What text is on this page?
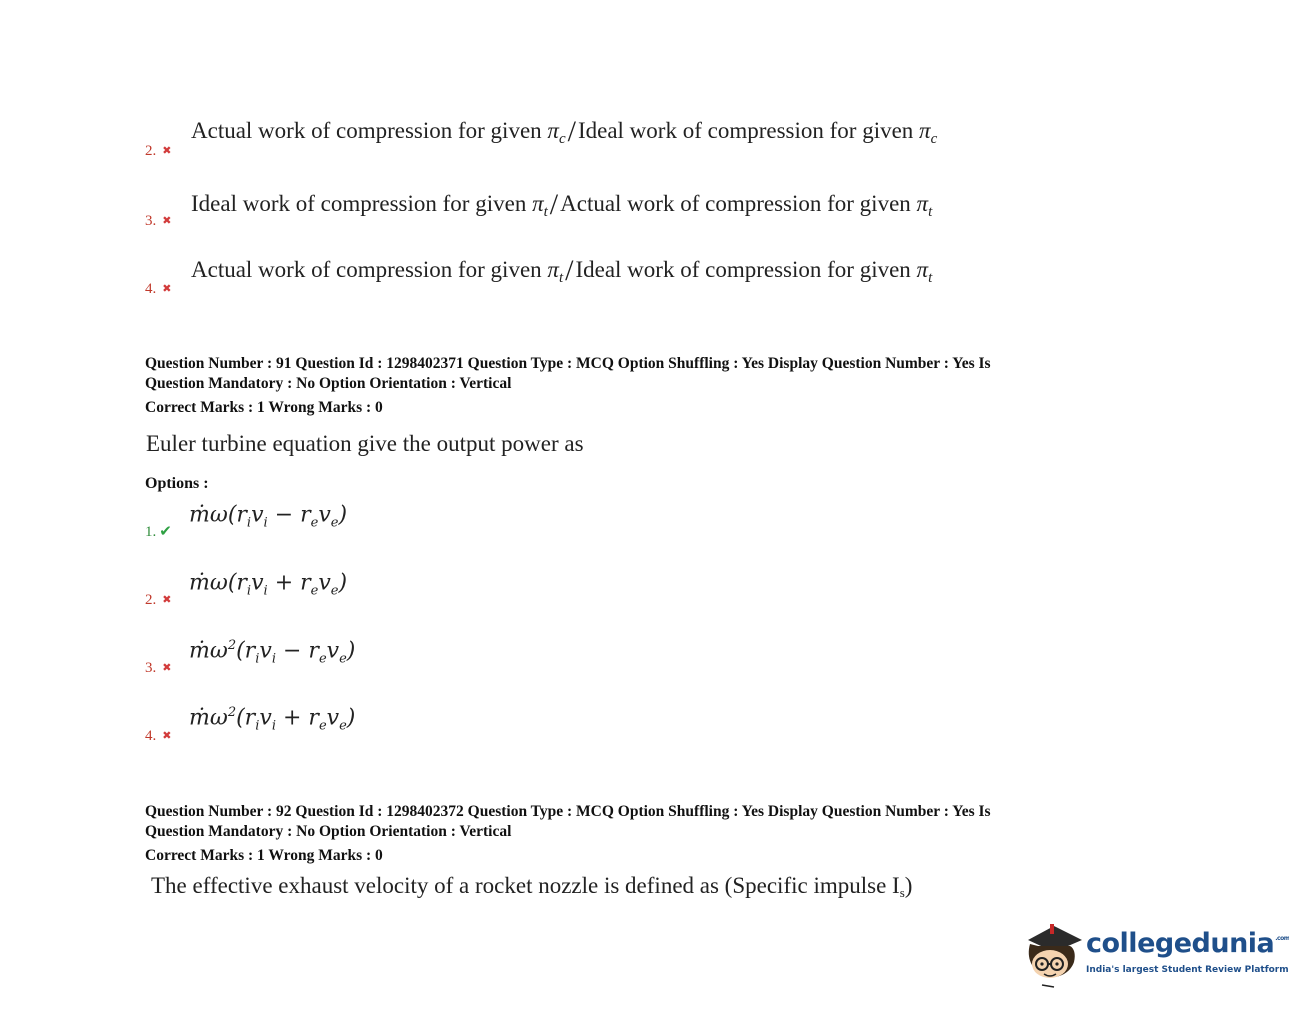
2. ✖
Actual work of compression for given $\pi_c$/Ideal work of compression for given $\pi_c$
3. ✖
Ideal work of compression for given $\pi_t$/Actual work of compression for given $\pi_t$
4. ✖
Actual work of compression for given $\pi_t$/Ideal work of compression for given $\pi_t$
Question Number : 91 Question Id : 1298402371 Question Type : MCQ Option Shuffling : Yes Display Question Number : Yes Is
Question Mandatory : No Option Orientation : Vertical
Correct Marks : 1 Wrong Marks : 0
Euler turbine equation give the output power as
Options :
1. ✔
$ṁ\omega(r_iv_i - r_ev_e)$
2. ✖
$ṁ\omega(r_iv_i + r_ev_e)$
3. ✖
$ṁ\omega^2(r_iv_i - r_ev_e)$
4. ✖
$ṁ\omega^2(r_iv_i + r_ev_e)$
Question Number : 92 Question Id : 1298402372 Question Type : MCQ Option Shuffling : Yes Display Question Number : Yes Is
Question Mandatory : No Option Orientation : Vertical
Correct Marks : 1 Wrong Marks : 0
The effective exhaust velocity of a rocket nozzle is defined as (Specific impulse Is)
collegedunia$^{.com}$
India's largest Student Review Platform
